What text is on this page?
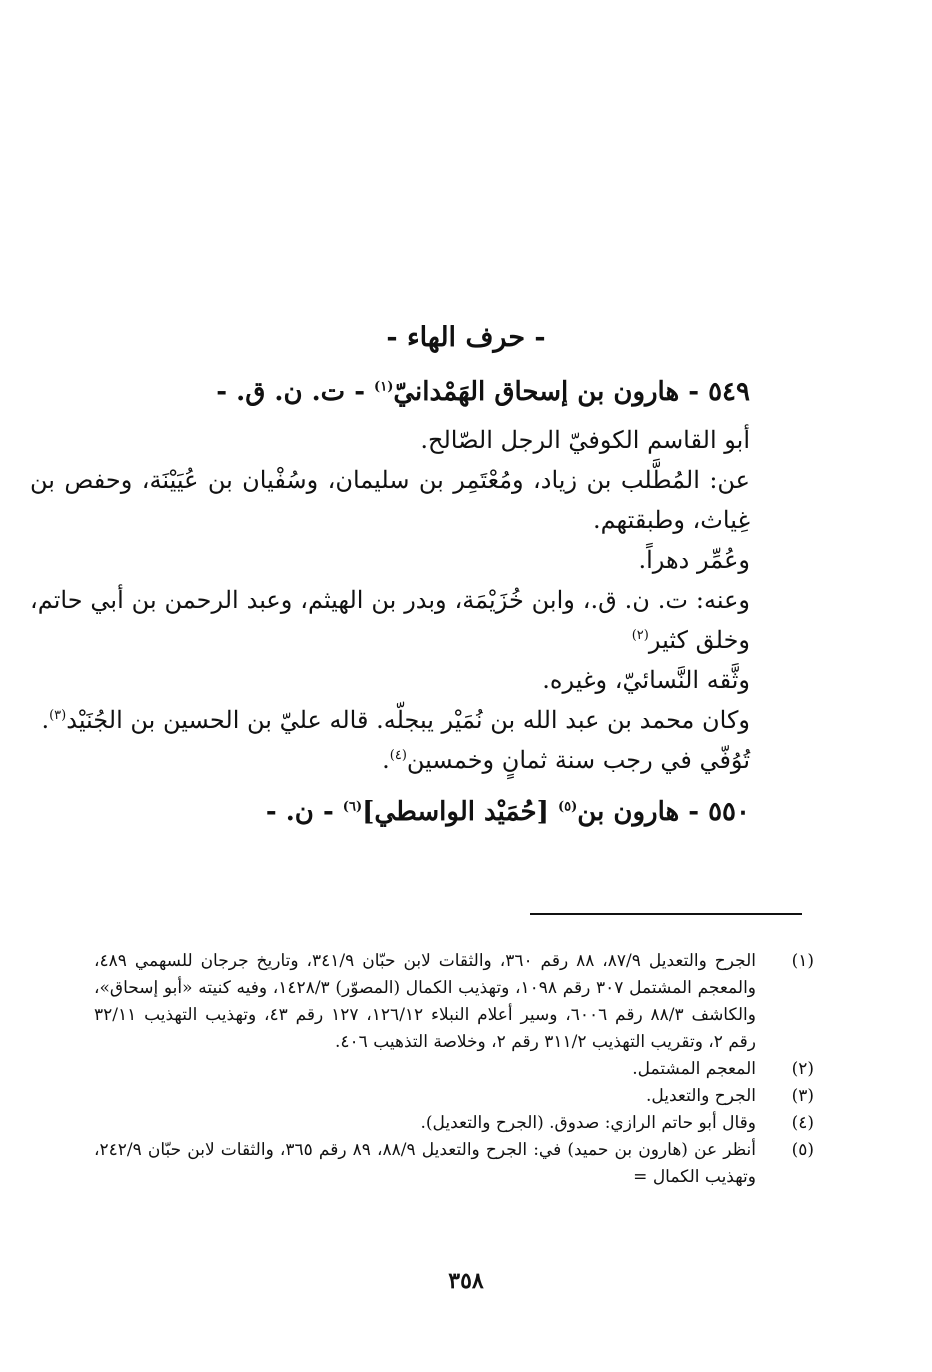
- حرف الهاء -

٥٤٩ - هارون بن إسحاق الهَمْدانيّ$^{(١)}$ - ت. ن. ق. -

أبو القاسم الكوفيّ الرجل الصّالح.

عن: المُطَّلب بن زياد، ومُعْتَمِر بن سليمان، وسُفْيان بن عُيَيْنَة، وحفص بن غِياث، وطبقتهم.

وعُمِّر دهراً.

وعنه: ت. ن. ق.، وابن خُزَيْمَة، وبدر بن الهيثم، وعبد الرحمن بن أبي حاتم، وخلق كثير$^{(٢)}$

وثَّقه النَّسائيّ، وغيره.

وكان محمد بن عبد الله بن نُمَيْر يبجلّه. قاله عليّ بن الحسين بن الجُنَيْد$^{(٣)}$.

تُوُفّي في رجب سنة ثمانٍ وخمسين$^{(٤)}$.

٥٥٠ - هارون بن$^{(٥)}$ [حُمَيْد الواسطي]$^{(٦)}$ - ن. -

(١)
الجرح والتعديل ٨٧/٩، ٨٨ رقم ٣٦٠، والثقات لابن حبّان ٣٤١/٩، وتاريخ جرجان للسهمي ٤٨٩، والمعجم المشتمل ٣٠٧ رقم ١٠٩٨، وتهذيب الكمال (المصوّر) ١٤٢٨/٣، وفيه كنيته «أبو إسحاق»، والكاشف ٨٨/٣ رقم ٦٠٠٦، وسير أعلام النبلاء ١٢٦/١٢، ١٢٧ رقم ٤٣، وتهذيب التهذيب ٣٢/١١ رقم ٢، وتقريب التهذيب ٣١١/٢ رقم ٢، وخلاصة التذهيب ٤٠٦.
(٢)
المعجم المشتمل.
(٣)
الجرح والتعديل.
(٤)
وقال أبو حاتم الرازي: صدوق. (الجرح والتعديل).
(٥)
أنظر عن (هارون بن حميد) في: الجرح والتعديل ٨٨/٩، ٨٩ رقم ٣٦٥، والثقات لابن حبّان ٢٤٢/٩، وتهذيب الكمال =
٣٥٨
